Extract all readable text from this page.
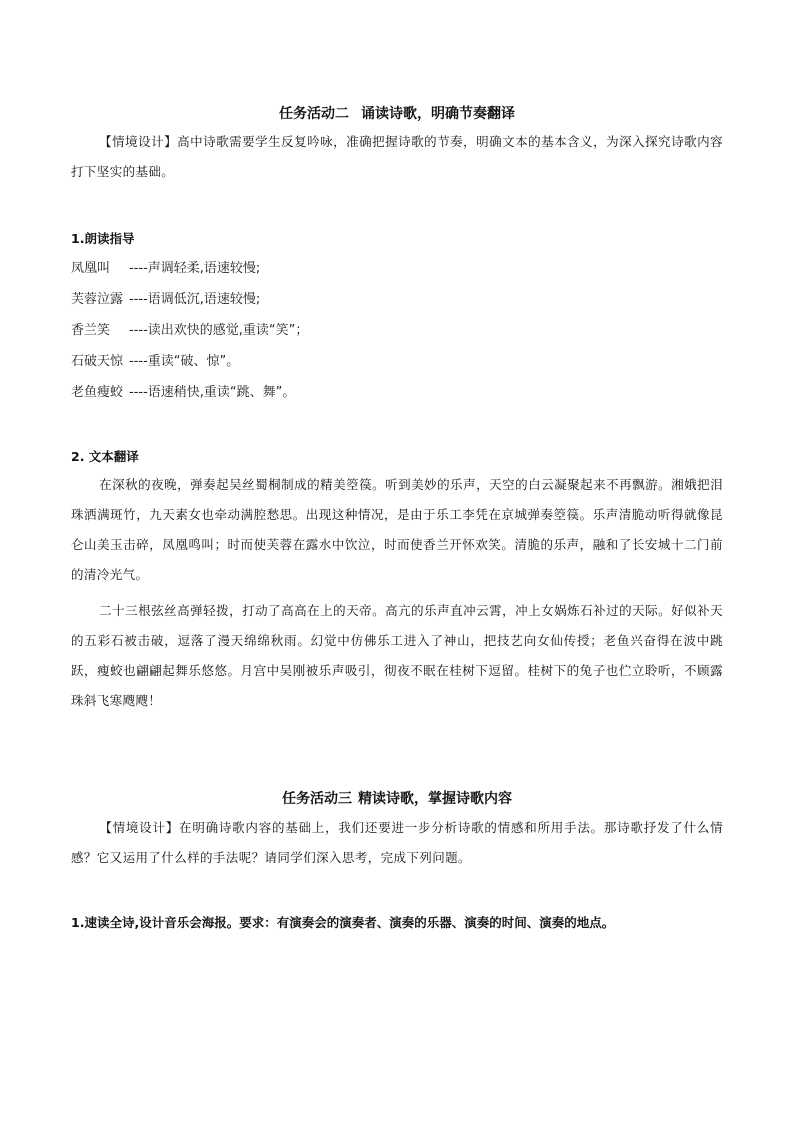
任务活动二 诵读诗歌，明确节奏翻译
【情境设计】高中诗歌需要学生反复吟咏，准确把握诗歌的节奏，明确文本的基本含义，为深入探究诗歌内容打下坚实的基础。
1.朗读指导
凤凰叫 ----声调轻柔,语速较慢;
芙蓉泣露 ----语调低沉,语速较慢;
香兰笑 ----读出欢快的感觉,重读“笑”；
石破天惊 ----重读“破、惊”。
老鱼瘦蛟 ----语速稍快,重读“跳、舞”。
2. 文本翻译
在深秋的夜晚，弹奏起吴丝蜀桐制成的精美箜篌。听到美妙的乐声，天空的白云凝聚起来不再飘游。湘娥把泪珠洒满斑竹，九天素女也牵动满腔愁思。出现这种情况，是由于乐工李凭在京城弹奏箜篌。乐声清脆动听得就像昆仑山美玉击碎，凤凰鸣叫；时而使芙蓉在露水中饮泣，时而使香兰开怀欢笑。清脆的乐声，融和了长安城十二门前的清冷光气。
二十三根弦丝高弹轻拨，打动了高高在上的天帝。高亢的乐声直冲云霄，冲上女娲炼石补过的天际。好似补天的五彩石被击破，逗落了漫天绵绵秋雨。幻觉中仿佛乐工进入了神山，把技艺向女仙传授；老鱼兴奋得在波中跳跃，瘦蛟也翩翩起舞乐悠悠。月宫中吴刚被乐声吸引，彻夜不眠在桂树下逗留。桂树下的兔子也伫立聆听，不顾露珠斜飞寒飕飕！
任务活动三 精读诗歌，掌握诗歌内容
【情境设计】在明确诗歌内容的基础上，我们还要进一步分析诗歌的情感和所用手法。那诗歌抒发了什么情感？它又运用了什么样的手法呢？请同学们深入思考，完成下列问题。
1.速读全诗,设计音乐会海报。要求：有演奏会的演奏者、演奏的乐器、演奏的时间、演奏的地点。
